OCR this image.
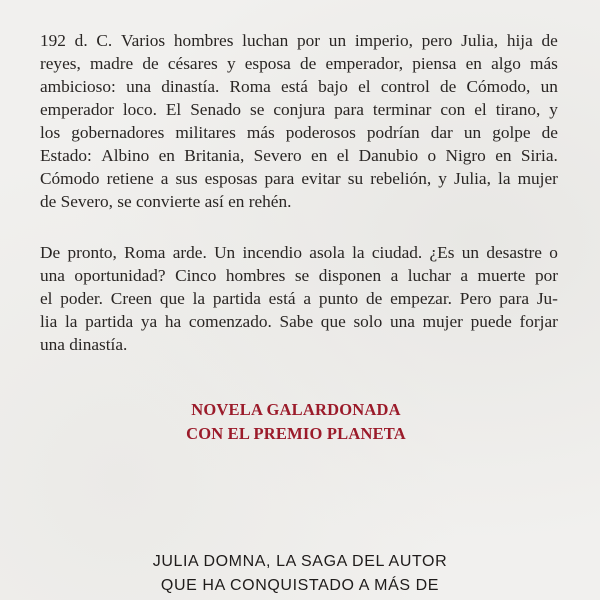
192 d. C. Varios hombres luchan por un imperio, pero Julia, hija de
reyes, madre de césares y esposa de emperador, piensa en algo más
ambicioso: una dinastía. Roma está bajo el control de Cómodo, un
emperador loco. El Senado se conjura para terminar con el tirano, y
los gobernadores militares más poderosos podrían dar un golpe de
Estado: Albino en Britania, Severo en el Danubio o Nigro en Siria.
Cómodo retiene a sus esposas para evitar su rebelión, y Julia, la mujer
de Severo, se convierte así en rehén.
De pronto, Roma arde. Un incendio asola la ciudad. ¿Es un desastre o
una oportunidad? Cinco hombres se disponen a luchar a muerte por
el poder. Creen que la partida está a punto de empezar. Pero para Ju-
lia la partida ya ha comenzado. Sabe que solo una mujer puede forjar
una dinastía.
NOVELA GALARDONADA
CON EL PREMIO PLANETA
JULIA DOMNA, LA SAGA DEL AUTOR
QUE HA CONQUISTADO A MÁS DE
